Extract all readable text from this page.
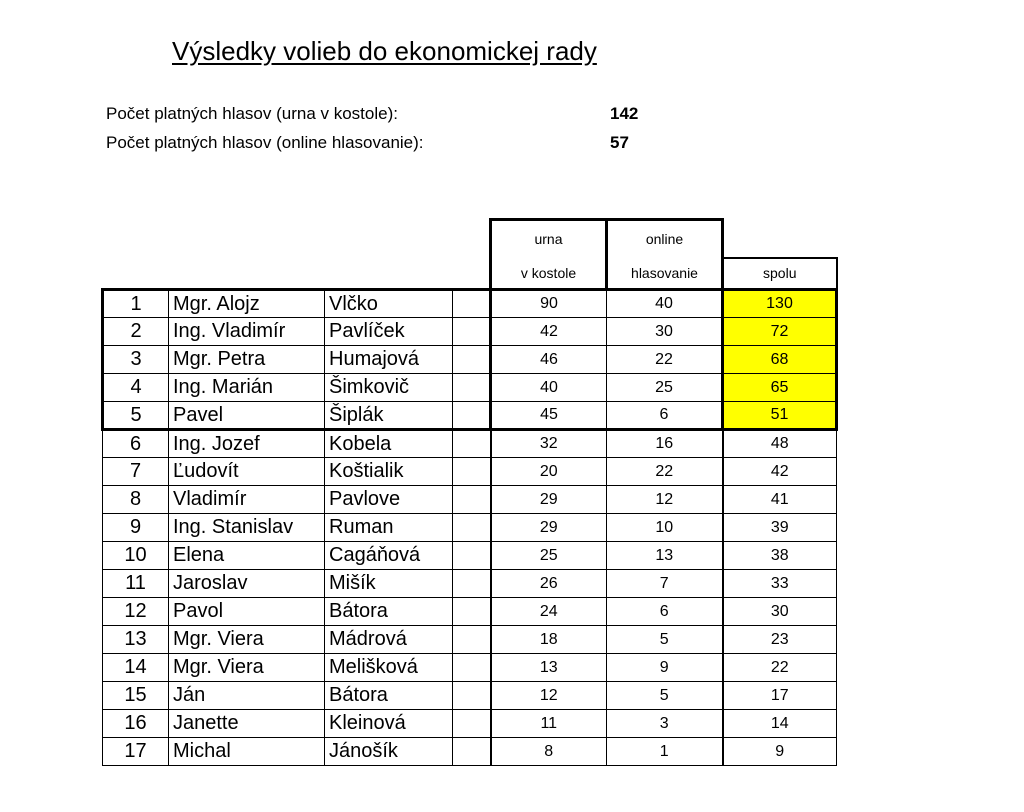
Výsledky volieb do ekonomickej rady
Počet platných hlasov (urna v kostole):	142
Počet platných hlasov (online hlasovanie):	57
				urna	online	
				v kostole	hlasovanie	spolu
1	Mgr. Alojz	Vlčko		90	40	130
2	Ing. Vladimír	Pavlíček		42	30	72
3	Mgr. Petra	Humajová		46	22	68
4	Ing. Marián	Šimkovič		40	25	65
5	Pavel	Šiplák		45	6	51
6	Ing. Jozef	Kobela		32	16	48
7	Ľudovít	Koštialik		20	22	42
8	Vladimír	Pavlove		29	12	41
9	Ing. Stanislav	Ruman		29	10	39
10	Elena	Cagáňová		25	13	38
11	Jaroslav	Mišík		26	7	33
12	Pavol	Bátora		24	6	30
13	Mgr. Viera	Mádrová		18	5	23
14	Mgr. Viera	Melišková		13	9	22
15	Ján	Bátora		12	5	17
16	Janette	Kleinová		11	3	14
17	Michal	Jánošík		8	1	9
